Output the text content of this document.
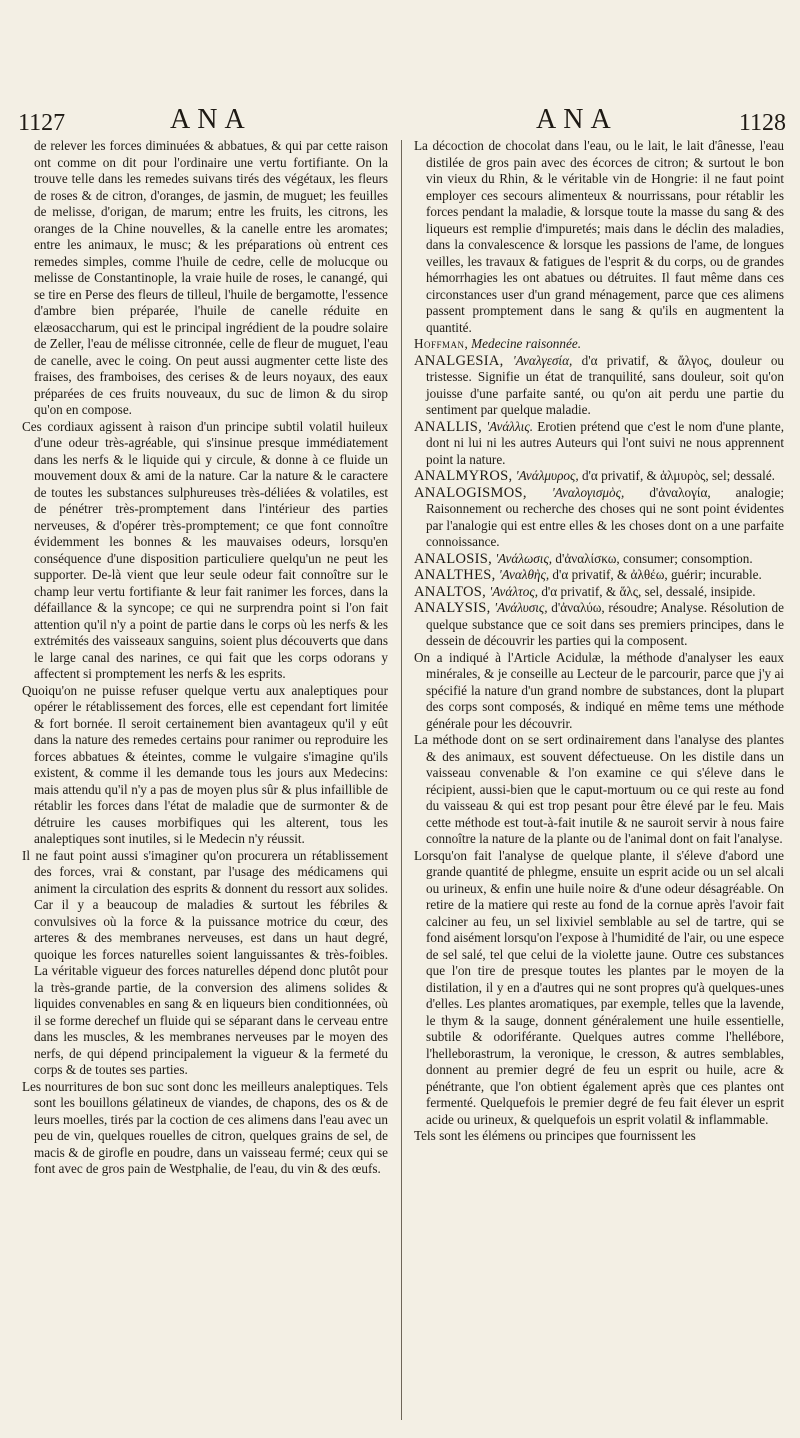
1127	ANA	ANA	1128

de relever les forces diminuées & abbatues, & qui par cette raison ont comme on dit pour l'ordinaire une vertu fortifiante. On la trouve telle dans les remedes suivans tirés des végétaux, les fleurs de roses & de citron, d'oranges, de jasmin, de muguet; les feuilles de melisse, d'origan, de marum; entre les fruits, les citrons, les oranges de la Chine nouvelles, & la canelle entre les aromates; entre les animaux, le musc; & les préparations où entrent ces remedes simples, comme l'huile de cedre, celle de molucque ou melisse de Constantinople, la vraie huile de roses, le canangé, qui se tire en Perse des fleurs de tilleul, l'huile de bergamotte, l'essence d'ambre bien préparée, l'huile de canelle réduite en elæosaccharum, qui est le principal ingrédient de la poudre solaire de Zeller, l'eau de mélisse citronnée, celle de fleur de muguet, l'eau de canelle, avec le coing. On peut aussi augmenter cette liste des fraises, des framboises, des cerises & de leurs noyaux, des eaux préparées de ces fruits nouveaux, du suc de limon & du sirop qu'on en compose.

Ces cordiaux agissent à raison d'un principe subtil volatil huileux d'une odeur très-agréable, qui s'insinue presque immédiatement dans les nerfs & le liquide qui y circule, & donne à ce fluide un mouvement doux & ami de la nature. Car la nature & le caractere de toutes les substances sulphureuses très-déliées & volatiles, est de pénétrer très-promptement dans l'intérieur des parties nerveuses, & d'opérer très-promptement; ce que font connoître évidemment les bonnes & les mauvaises odeurs, lorsqu'en conséquence d'une disposition particuliere quelqu'un ne peut les supporter. De-là vient que leur seule odeur fait connoître sur le champ leur vertu fortifiante & leur fait ranimer les forces, dans la défaillance & la syncope; ce qui ne surprendra point si l'on fait attention qu'il n'y a point de partie dans le corps où les nerfs & les extrémités des vaisseaux sanguins, soient plus découverts que dans le large canal des narines, ce qui fait que les corps odorans y affectent si promptement les nerfs & les esprits.

Quoiqu'on ne puisse refuser quelque vertu aux analeptiques pour opérer le rétablissement des forces, elle est cependant fort limitée & fort bornée. Il seroit certainement bien avantageux qu'il y eût dans la nature des remedes certains pour ranimer ou reproduire les forces abbatues & éteintes, comme le vulgaire s'imagine qu'ils existent, & comme il les demande tous les jours aux Medecins: mais attendu qu'il n'y a pas de moyen plus sûr & plus infaillible de rétablir les forces dans l'état de maladie que de surmonter & de détruire les causes morbifiques qui les alterent, tous les analeptiques sont inutiles, si le Medecin n'y réussit.

Il ne faut point aussi s'imaginer qu'on procurera un rétablissement des forces, vrai & constant, par l'usage des médicamens qui animent la circulation des esprits & donnent du ressort aux solides. Car il y a beaucoup de maladies & surtout les fébriles & convulsives où la force & la puissance motrice du cœur, des arteres & des membranes nerveuses, est dans un haut degré, quoique les forces naturelles soient languissantes & très-foibles. La véritable vigueur des forces naturelles dépend donc plutôt pour la très-grande partie, de la conversion des alimens solides & liquides convenables en sang & en liqueurs bien conditionnées, où il se forme derechef un fluide qui se séparant dans le cerveau entre dans les muscles, & les membranes nerveuses par le moyen des nerfs, de qui dépend principalement la vigueur & la fermeté du corps & de toutes ses parties.

Les nourritures de bon suc sont donc les meilleurs analeptiques. Tels sont les bouillons gélatineux de viandes, de chapons, des os & de leurs moelles, tirés par la coction de ces alimens dans l'eau avec un peu de vin, quelques rouelles de citron, quelques grains de sel, de macis & de girofle en poudre, dans un vaisseau fermé; ceux qui se font avec de gros pain de Westphalie, de l'eau, du vin & des œufs.

La décoction de chocolat dans l'eau, ou le lait, le lait d'ânesse, l'eau distilée de gros pain avec des écorces de citron; & surtout le bon vin vieux du Rhin, & le véritable vin de Hongrie: il ne faut point employer ces secours alimenteux & nourrissans, pour rétablir les forces pendant la maladie, & lorsque toute la masse du sang & des liqueurs est remplie d'impuretés; mais dans le déclin des maladies, dans la convalescence & lorsque les passions de l'ame, de longues veilles, les travaux & fatigues de l'esprit & du corps, ou de grandes hémorrhagies les ont abatues ou détruites. Il faut même dans ces circonstances user d'un grand ménagement, parce que ces alimens passent promptement dans le sang & qu'ils en augmentent la quantité.

Hoffman, Medecine raisonnée.

ANALGESIA, 'Αναλγεσία, d'α privatif, & ἄλγος, douleur ou tristesse. Signifie un état de tranquilité, sans douleur, soit qu'on jouisse d'une parfaite santé, ou qu'on ait perdu une partie du sentiment par quelque maladie.

ANALLIS, 'Ανάλλις. Erotien prétend que c'est le nom d'une plante, dont ni lui ni les autres Auteurs qui l'ont suivi ne nous apprennent point la nature.

ANALMYROS, 'Ανάλμυρος, d'α privatif, & ἁλμυρὸς, sel; dessalé.

ANALOGISMOS, 'Αναλογισμὸς, d'ἀναλογία, analogie; Raisonnement ou recherche des choses qui ne sont point évidentes par l'analogie qui est entre elles & les choses dont on a une parfaite connoissance.

ANALOSIS, 'Ανάλωσις, d'ἀναλίσκω, consumer; consomption.

ANALTHES, 'Αναλθὴς, d'α privatif, & ἀλθέω, guérir; incurable.

ANALTOS, 'Ανάλτος, d'α privatif, & ἅλς, sel, dessalé, insipide.

ANALYSIS, 'Ανάλυσις, d'ἀναλύω, résoudre; Analyse. Résolution de quelque substance que ce soit dans ses premiers principes, dans le dessein de découvrir les parties qui la composent.

On a indiqué à l'Article Acidulæ, la méthode d'analyser les eaux minérales, & je conseille au Lecteur de le parcourir, parce que j'y ai spécifié la nature d'un grand nombre de substances, dont la plupart des corps sont composés, & indiqué en même tems une méthode générale pour les découvrir.

La méthode dont on se sert ordinairement dans l'analyse des plantes & des animaux, est souvent défectueuse. On les distile dans un vaisseau convenable & l'on examine ce qui s'éleve dans le récipient, aussi-bien que le caput-mortuum ou ce qui reste au fond du vaisseau & qui est trop pesant pour être élevé par le feu. Mais cette méthode est tout-à-fait inutile & ne sauroit servir à nous faire connoître la nature de la plante ou de l'animal dont on fait l'analyse.

Lorsqu'on fait l'analyse de quelque plante, il s'éleve d'abord une grande quantité de phlegme, ensuite un esprit acide ou un sel alcali ou urineux, & enfin une huile noire & d'une odeur désagréable. On retire de la matiere qui reste au fond de la cornue après l'avoir fait calciner au feu, un sel lixiviel semblable au sel de tartre, qui se fond aisément lorsqu'on l'expose à l'humidité de l'air, ou une espece de sel salé, tel que celui de la violette jaune. Outre ces substances que l'on tire de presque toutes les plantes par le moyen de la distilation, il y en a d'autres qui ne sont propres qu'à quelques-unes d'elles. Les plantes aromatiques, par exemple, telles que la lavende, le thym & la sauge, donnent généralement une huile essentielle, subtile & odoriférante. Quelques autres comme l'hellébore, l'helleborastrum, la veronique, le cresson, & autres semblables, donnent au premier degré de feu un esprit ou huile, acre & pénétrante, que l'on obtient également après que ces plantes ont fermenté. Quelquefois le premier degré de feu fait élever un esprit acide ou urineux, & quelquefois un esprit volatil & inflammable.

Tels sont les élémens ou principes que fournissent les
